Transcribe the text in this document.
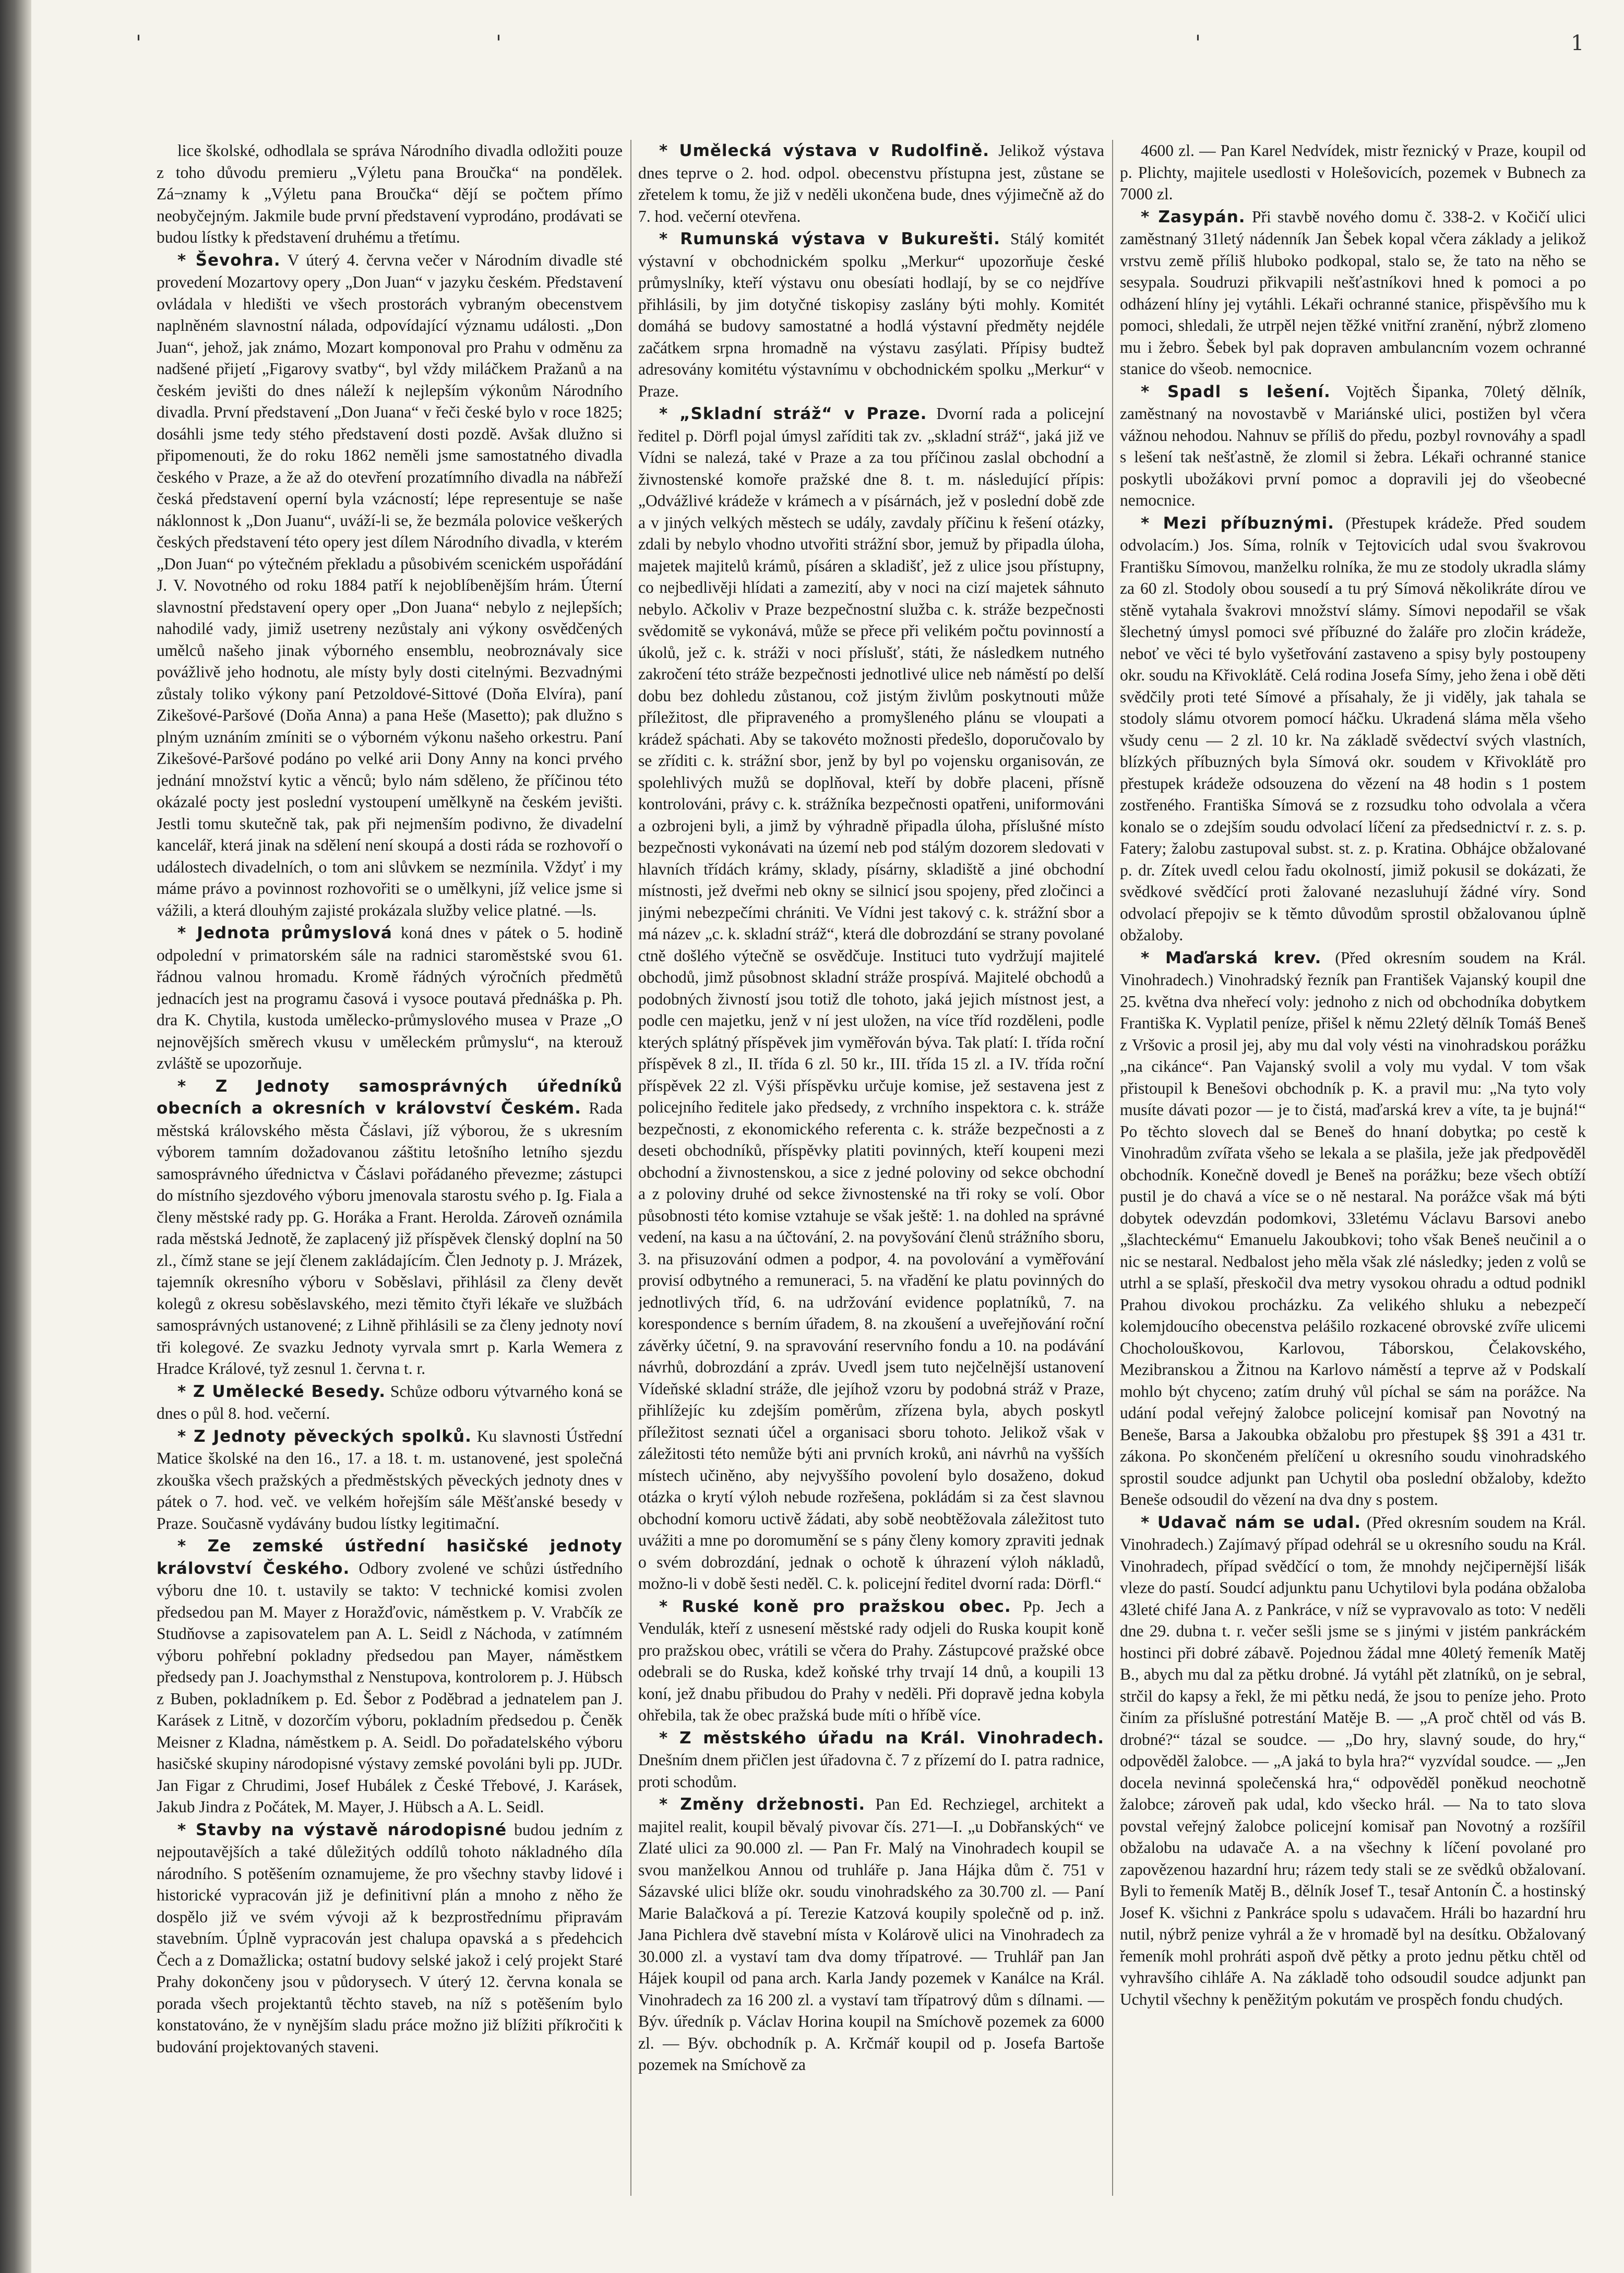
'	'	'	1

lice školské, odhodlala se správa Národního divadla odložiti pouze z toho důvodu premieru „Výletu pana Broučka“ na pondělek. Zá¬znamy k „Výletu pana Broučka“ dějí se počtem přímo neobyčejným. Jakmile bude první představení vyprodáno, prodávati se budou lístky k představení druhému a třetímu.

* Ševohra. V úterý 4. června večer v Národním divadle sté provedení Mozartovy opery „Don Juan“ v jazyku českém. Představení ovládala v hledišti ve všech prostorách vybraným obecenstvem naplněném slavnostní nálada, odpovídající významu události. „Don Juan“, jehož, jak známo, Mozart komponoval pro Prahu v odměnu za nadšené přijetí „Figarovy svatby“, byl vždy miláčkem Pražanů a na českém jevišti do dnes náleží k nejlepším výkonům Národního divadla. První představení „Don Juana“ v řeči české bylo v roce 1825; dosáhli jsme tedy stého představení dosti pozdě. Avšak dlužno si připomenouti, že do roku 1862 neměli jsme samostatného divadla českého v Praze, a že až do otevření prozatímního divadla na nábřeží česká představení operní byla vzácností; lépe representuje se naše náklonnost k „Don Juanu“, uváží-li se, že bezmála polovice veškerých českých představení této opery jest dílem Národního divadla, v kterém „Don Juan“ po výtečném překladu a působivém scenickém uspořádání J. V. Novotného od roku 1884 patří k nejoblíbenějším hrám. Úterní slavnostní představení opery oper „Don Juana“ nebylo z nejlepších; nahodilé vady, jimiž usetreny nezůstaly ani výkony osvědčených umělců našeho jinak výborného ensemblu, neobroznávaly sice povážlivě jeho hodnotu, ale místy byly dosti citelnými. Bezvadnými zůstaly toliko výkony paní Petzoldové-Sittové (Doňa Elvíra), paní Zikešové-Paršové (Doňa Anna) a pana Heše (Masetto); pak dlužno s plným uznáním zmíniti se o výborném výkonu našeho orkestru. Paní Zikešové-Paršové podáno po velké arii Dony Anny na konci prvého jednání množství kytic a věnců; bylo nám sděleno, že příčinou této okázalé pocty jest poslední vystoupení umělkyně na českém jevišti. Jestli tomu skutečně tak, pak při nejmenším podivno, že divadelní kancelář, která jinak na sdělení není skoupá a dosti ráda se rozhovoří o událostech divadelních, o tom ani slůvkem se nezmínila. Vždyť i my máme právo a povinnost rozhovořiti se o umělkyni, jíž velice jsme si vážili, a která dlouhým zajisté prokázala služby velice platné. —ls.

* Jednota průmyslová koná dnes v pátek o 5. hodině odpolední v primatorském sále na radnici staroměstské svou 61. řádnou valnou hromadu. Kromě řádných výročních předmětů jednacích jest na programu časová i vysoce poutavá přednáška p. Ph. dra K. Chytila, kustoda umělecko-průmyslového musea v Praze „O nejnovějších směrech vkusu v uměleckém průmyslu“, na kterouž zvláště se upozorňuje.

* Z Jednoty samosprávných úředníků obecních a okresních v království Českém. Rada městská královského města Čáslavi, jíž výborou, že s ukresním výborem tamním dožadovanou záštitu letošního letního sjezdu samosprávného úřednictva v Čáslavi pořádaného převezme; zástupci do místního sjezdového výboru jmenovala starostu svého p. Ig. Fiala a členy městské rady pp. G. Horáka a Frant. Herolda. Zároveň oznámila rada městská Jednotě, že zaplacený již příspěvek členský doplní na 50 zl., čímž stane se její členem zakládajícím. Člen Jednoty p. J. Mrázek, tajemník okresního výboru v Soběslavi, přihlásil za členy devět kolegů z okresu soběslavského, mezi těmito čtyři lékaře ve službách samosprávných ustanovené; z Lihně přihlásili se za členy jednoty noví tři kolegové. Ze svazku Jednoty vyrvala smrt p. Karla Wemera z Hradce Králové, tyž zesnul 1. června t. r.

* Z Umělecké Besedy. Schůze odboru výtvarného koná se dnes o půl 8. hod. večerní.

* Z Jednoty pěveckých spolků. Ku slavnosti Ústřední Matice školské na den 16., 17. a 18. t. m. ustanovené, jest společná zkouška všech pražských a předměstských pěveckých jednoty dnes v pátek o 7. hod. več. ve velkém hořejším sále Měšťanské besedy v Praze. Současně vydávány budou lístky legitimační.

* Ze zemské ústřední hasičské jednoty království Českého. Odbory zvolené ve schůzi ústředního výboru dne 10. t. ustavily se takto: V technické komisi zvolen předsedou pan M. Mayer z Horažďovic, náměstkem p. V. Vrabčík ze Studňovse a zapisovatelem pan A. L. Seidl z Náchoda, v zatímném výboru pohřební pokladny předsedou pan Mayer, náměstkem předsedy pan J. Joachymsthal z Nenstupova, kontrolorem p. J. Hübsch z Buben, pokladníkem p. Ed. Šebor z Poděbrad a jednatelem pan J. Karásek z Litně, v dozorčím výboru, pokladním předsedou p. Čeněk Meisner z Kladna, náměstkem p. A. Seidl. Do pořadatelského výboru hasičské skupiny národopisné výstavy zemské povoláni byli pp. JUDr. Jan Figar z Chrudimi, Josef Hubálek z České Třebové, J. Karásek, Jakub Jindra z Počátek, M. Mayer, J. Hübsch a A. L. Seidl.

* Stavby na výstavě národopisné budou jedním z nejpoutavějších a také důležitých oddílů tohoto nákladného díla národního. S potěšením oznamujeme, že pro všechny stavby lidové i historické vypracován již je definitivní plán a mnoho z něho že dospělo již ve svém vývoji až k bezprostřednímu připravám stavebním. Úplně vypracován jest chalupa opavská a s předehcich Čech a z Domažlicka; ostatní budovy selské jakož i celý projekt Staré Prahy dokončeny jsou v půdorysech. V úterý 12. června konala se porada všech projektantů těchto staveb, na níž s potěšením bylo konstatováno, že v nynějším sladu práce možno již blížiti příkročiti k budování projektovaných staveni.

* Umělecká výstava v Rudolfině. Jelikož výstava dnes teprve o 2. hod. odpol. obecenstvu přístupna jest, zůstane se zřetelem k tomu, že již v neděli ukončena bude, dnes výjimečně až do 7. hod. večerní otevřena.

* Rumunská výstava v Bukurešti. Stálý komitét výstavní v obchodnickém spolku „Merkur“ upozorňuje české průmyslníky, kteří výstavu onu obesíati hodlají, by se co nejdříve přihlásili, by jim dotyčné tiskopisy zaslány býti mohly. Komitét domáhá se budovy samostatné a hodlá výstavní předměty nejdéle začátkem srpna hromadně na výstavu zasýlati. Přípisy budtež adresovány komitétu výstavnímu v obchodnickém spolku „Merkur“ v Praze.

* „Skladní stráž“ v Praze. Dvorní rada a policejní ředitel p. Dörfl pojal úmysl zaříditi tak zv. „skladní stráž“, jaká již ve Vídni se nalezá, také v Praze a za tou příčinou zaslal obchodní a živnostenské komoře pražské dne 8. t. m. následující přípis: „Odvážlivé krádeže v krámech a v písárnách, jež v poslední době zde a v jiných velkých městech se udály, zavdaly příčinu k řešení otázky, zdali by nebylo vhodno utvořiti strážní sbor, jemuž by připadla úloha, majetek majitelů krámů, písáren a skladišť, jež z ulice jsou přístupny, co nejbedlivěji hlídati a zamezití, aby v noci na cizí majetek sáhnuto nebylo. Ačkoliv v Praze bezpečnostní služba c. k. stráže bezpečnosti svědomitě se vykonává, může se přece při velikém počtu povinností a úkolů, jež c. k. stráži v noci příslušť, státi, že následkem nutného zakročení této stráže bezpečnosti jednotlivé ulice neb náměstí po delší dobu bez dohledu zůstanou, což jistým živlům poskytnouti může příležitost, dle připraveného a promyšleného plánu se vloupati a krádež spáchati. Aby se takovéto možnosti předešlo, doporučovalo by se zříditi c. k. strážní sbor, jenž by byl po vojensku organisován, ze spolehlivých mužů se doplňoval, kteří by dobře placeni, přísně kontrolováni, právy c. k. strážníka bezpečnosti opatřeni, uniformováni a ozbrojeni byli, a jimž by výhradně připadla úloha, příslušné místo bezpečnosti vykonávati na území neb pod stálým dozorem sledovati v hlavních třídách krámy, sklady, písárny, skladiště a jiné obchodní místnosti, jež dveřmi neb okny se silnicí jsou spojeny, před zločinci a jinými nebezpečími chrániti. Ve Vídni jest takový c. k. strážní sbor a má název „c. k. skladní stráž“, která dle dobrozdání se strany povolané ctně došlého výtečně se osvědčuje. Instituci tuto vydržují majitelé obchodů, jimž působnost skladní stráže prospívá. Majitelé obchodů a podobných živností jsou totiž dle tohoto, jaká jejich místnost jest, a podle cen majetku, jenž v ní jest uložen, na více tříd rozděleni, podle kterých splátný příspěvek jim vyměřován býva. Tak platí: I. třída roční příspěvek 8 zl., II. třída 6 zl. 50 kr., III. třída 15 zl. a IV. třída roční příspěvek 22 zl. Výši příspěvku určuje komise, jež sestavena jest z policejního ředitele jako předsedy, z vrchního inspektora c. k. stráže bezpečnosti, z ekonomického referenta c. k. stráže bezpečnosti a z deseti obchodníků, příspěvky platiti povinných, kteří koupeni mezi obchodní a živnostenskou, a sice z jedné poloviny od sekce obchodní a z poloviny druhé od sekce živnostenské na tři roky se volí. Obor působnosti této komise vztahuje se však ještě: 1. na dohled na správné vedení, na kasu a na účtování, 2. na povyšování členů strážního sboru, 3. na přisuzování odmen a podpor, 4. na povolování a vyměřování provisí odbytného a remuneraci, 5. na vřadění ke platu povinných do jednotlivých tříd, 6. na udržování evidence poplatníků, 7. na korespondence s berním úřadem, 8. na zkoušení a uveřejňování roční závěrky účetní, 9. na spravování reservního fondu a 10. na podávání návrhů, dobrozdání a zpráv. Uvedl jsem tuto nejčelnější ustanovení Vídeňské skladní stráže, dle jejíhož vzoru by podobná stráž v Praze, přihlížejíc ku zdejším poměrům, zřízena byla, abych poskytl příležitost seznati účel a organisaci sboru tohoto. Jelikož však v záležitosti této nemůže býti ani prvních kroků, ani návrhů na vyšších místech učiněno, aby nejvyššího povolení bylo dosaženo, dokud otázka o krytí výloh nebude rozřešena, pokládám si za čest slavnou obchodní komoru uctivě žádati, aby sobě neobtěžovala záležitost tuto uvážiti a mne po doromumění se s pány členy komory zpraviti jednak o svém dobrozdání, jednak o ochotě k úhrazení výloh nákladů, možno-li v době šesti neděl. C. k. policejní ředitel dvorní rada: Dörfl.“

* Ruské koně pro pražskou obec. Pp. Jech a Vendulák, kteří z usnesení městské rady odjeli do Ruska koupit koně pro pražskou obec, vrátili se včera do Prahy. Zástupcové pražské obce odebrali se do Ruska, kdež koňské trhy trvají 14 dnů, a koupili 13 koní, jež dnabu přibudou do Prahy v neděli. Při dopravě jedna kobyla ohřebila, tak že obec pražská bude míti o hříbě více.

* Z městského úřadu na Král. Vinohradech. Dnešním dnem přičlen jest úřadovna č. 7 z přízemí do I. patra radnice, proti schodům.

* Změny držebnosti. Pan Ed. Rechziegel, architekt a majitel realit, koupil běvalý pivovar čís. 271—I. „u Dobřanských“ ve Zlaté ulici za 90.000 zl. — Pan Fr. Malý na Vinohradech koupil se svou manželkou Annou od truhláře p. Jana Hájka dům č. 751 v Sázavské ulici blíže okr. soudu vinohradského za 30.700 zl. — Paní Marie Balačková a pí. Terezie Katzová koupily společně od p. inž. Jana Pichlera dvě stavební místa v Kolárově ulici na Vinohradech za 30.000 zl. a vystaví tam dva domy třípatrové. — Truhlář pan Jan Hájek koupil od pana arch. Karla Jandy pozemek v Kanálce na Král. Vinohradech za 16 200 zl. a vystaví tam třípatrový dům s dílnami. — Býv. úředník p. Václav Horina koupil na Smíchově pozemek za 6000 zl. — Býv. obchodník p. A. Krčmář koupil od p. Josefa Bartoše pozemek na Smíchově za

4600 zl. — Pan Karel Nedvídek, mistr řeznický v Praze, koupil od p. Plichty, majitele usedlosti v Holešovicích, pozemek v Bubnech za 7000 zl.

* Zasypán. Při stavbě nového domu č. 338-2. v Kočičí ulici zaměstnaný 31letý nádenník Jan Šebek kopal včera základy a jelikož vrstvu země příliš hluboko podkopal, stalo se, že tato na něho se sesypala. Soudruzi přikvapili nešťastníkovi hned k pomoci a po odházení hlíny jej vytáhli. Lékaři ochranné stanice, přispěvšího mu k pomoci, shledali, že utrpěl nejen těžké vnitřní zranění, nýbrž zlomeno mu i žebro. Šebek byl pak dopraven ambulancním vozem ochranné stanice do všeob. nemocnice.

* Spadl s lešení. Vojtěch Šipanka, 70letý dělník, zaměstnaný na novostavbě v Mariánské ulici, postižen byl včera vážnou nehodou. Nahnuv se příliš do předu, pozbyl rovnováhy a spadl s lešení tak nešťastně, že zlomil si žebra. Lékaři ochranné stanice poskytli ubožákovi první pomoc a dopravili jej do všeobecné nemocnice.

* Mezi příbuznými. (Přestupek krádeže. Před soudem odvolacím.) Jos. Síma, rolník v Tejtovicích udal svou švakrovou Františku Símovou, manželku rolníka, že mu ze stodoly ukradla slámy za 60 zl. Stodoly obou sousedí a tu prý Símová několikráte dírou ve stěně vytahala švakrovi množství slámy. Símovi nepodařil se však šlechetný úmysl pomoci své příbuzné do žaláře pro zločin krádeže, neboť ve věci té bylo vyšetřování zastaveno a spisy byly postoupeny okr. soudu na Křivoklátě. Celá rodina Josefa Símy, jeho žena i obě děti svědčily proti teté Símové a přísahaly, že ji viděly, jak tahala se stodoly slámu otvorem pomocí háčku. Ukradená sláma měla všeho všudy cenu — 2 zl. 10 kr. Na základě svědectví svých vlastních, blízkých příbuzných byla Símová okr. soudem v Křivoklátě pro přestupek krádeže odsouzena do vězení na 48 hodin s 1 postem zostřeného. Františka Símová se z rozsudku toho odvolala a včera konalo se o zdejším soudu odvolací líčení za předsednictví r. z. s. p. Fatery; žalobu zastupoval subst. st. z. p. Kratina. Obhájce obžalované p. dr. Zítek uvedl celou řadu okolností, jimiž pokusil se dokázati, že svědkové svědčící proti žalované nezasluhují žádné víry. Sond odvolací přepojiv se k těmto důvodům sprostil obžalovanou úplně obžaloby.

* Maďarská krev. (Před okresním soudem na Král. Vinohradech.) Vinohradský řezník pan František Vajanský koupil dne 25. května dva nheřecí voly: jednoho z nich od obchodníka dobytkem Františka K. Vyplatil peníze, přišel k němu 22letý dělník Tomáš Beneš z Vršovic a prosil jej, aby mu dal voly vésti na vinohradskou porážku „na cikánce“. Pan Vajanský svolil a voly mu vydal. V tom však přistoupil k Benešovi obchodník p. K. a pravil mu: „Na tyto voly musíte dávati pozor — je to čistá, maďarská krev a víte, ta je bujná!“ Po těchto slovech dal se Beneš do hnaní dobytka; po cestě k Vinohradům zvířata všeho se lekala a se plašila, ježe jak předpověděl obchodník. Konečně dovedl je Beneš na porážku; beze všech obtíží pustil je do chavá a více se o ně nestaral. Na porážce však má býti dobytek odevzdán podomkovi, 33letému Václavu Barsovi anebo „šlachteckému“ Emanuelu Jakoubkovi; toho však Beneš neučinil a o nic se nestaral. Nedbalost jeho měla však zlé následky; jeden z volů se utrhl a se splaší, přeskočil dva metry vysokou ohradu a odtud podnikl Prahou divokou procházku. Za velikého shluku a nebezpečí kolemjdoucího obecenstva pelášilo rozkacené obrovské zvíře ulicemi Chocholouškovou, Karlovou, Táborskou, Čelakovského, Mezibranskou a Žitnou na Karlovo náměstí a teprve až v Podskalí mohlo být chyceno; zatím druhý vůl píchal se sám na porážce. Na udání podal veřejný žalobce policejní komisař pan Novotný na Beneše, Barsa a Jakoubka obžalobu pro přestupek §§ 391 a 431 tr. zákona. Po skončeném přelíčení u okresního soudu vinohradského sprostil soudce adjunkt pan Uchytil oba poslední obžaloby, kdežto Beneše odsoudil do vězení na dva dny s postem.

* Udavač nám se udal. (Před okresním soudem na Král. Vinohradech.) Zajímavý případ odehrál se u okresního soudu na Král. Vinohradech, případ svědčící o tom, že mnohdy nejčipernější lišák vleze do pastí. Soudcí adjunktu panu Uchytilovi byla podána obžaloba 43leté chifé Jana A. z Pankráce, v níž se vypravovalo as toto: V neděli dne 29. dubna t. r. večer sešli jsme se s jinými v jistém pankráckém hostinci při dobré zábavě. Pojednou žádal mne 40letý řemeník Matěj B., abych mu dal za pětku drobné. Já vytáhl pět zlatníků, on je sebral, strčil do kapsy a řekl, že mi pětku nedá, že jsou to peníze jeho. Proto činím za příslušné potrestání Matěje B. — „A proč chtěl od vás B. drobné?“ tázal se soudce. — „Do hry, slavný soude, do hry,“ odpověděl žalobce. — „A jaká to byla hra?“ vyzvídal soudce. — „Jen docela nevinná společenská hra,“ odpověděl poněkud neochotně žalobce; zároveň pak udal, kdo všecko hrál. — Na to tato slova povstal veřejný žalobce policejní komisař pan Novotný a rozšířil obžalobu na udavače A. a na všechny k líčení povolané pro zapovězenou hazardní hru; rázem tedy stali se ze svědků obžalovaní. Byli to řemeník Matěj B., dělník Josef T., tesař Antonín Č. a hostinský Josef K. všichni z Pankráce spolu s udavačem. Hráli bo hazardní hru nutil, nýbrž penize vyhrál a že v hromadě byl na desítku. Obžalovaný řemeník mohl prohráti aspoň dvě pětky a proto jednu pětku chtěl od vyhravšího cihláře A. Na základě toho odsoudil soudce adjunkt pan Uchytil všechny k peněžitým pokutám ve prospěch fondu chudých.
